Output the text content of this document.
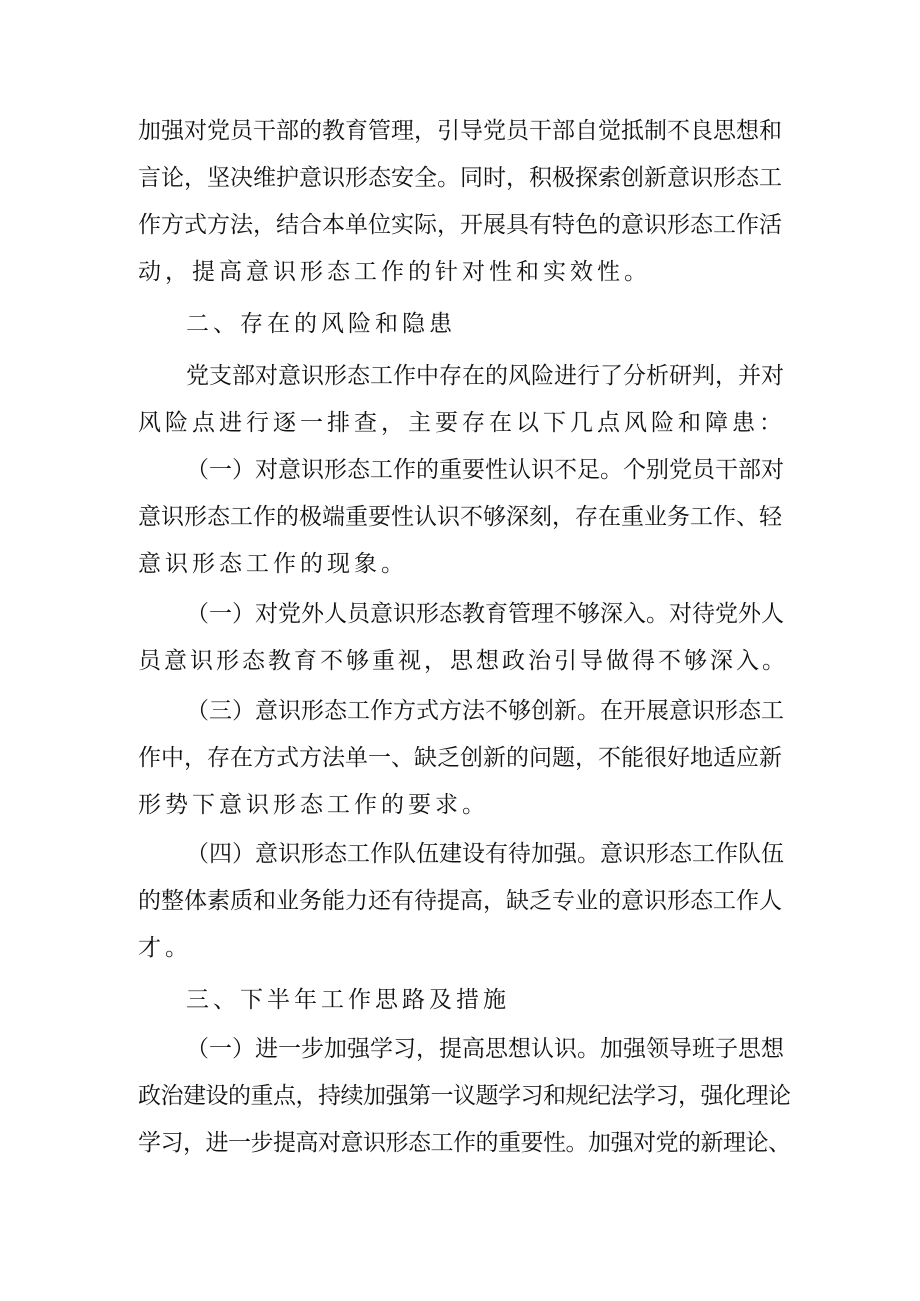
加强对党员干部的教育管理，引导党员干部自觉抵制不良思想和
言论，坚决维护意识形态安全。同时，积极探索创新意识形态工
作方式方法，结合本单位实际，开展具有特色的意识形态工作活
动，提高意识形态工作的针对性和实效性。
二、存在的风险和隐患
党支部对意识形态工作中存在的风险进行了分析研判，并对
风险点进行逐一排查，主要存在以下几点风险和障患：
（一）对意识形态工作的重要性认识不足。个别党员干部对
意识形态工作的极端重要性认识不够深刻，存在重业务工作、轻
意识形态工作的现象。
（一）对党外人员意识形态教育管理不够深入。对待党外人
员意识形态教育不够重视，思想政治引导做得不够深入。
（三）意识形态工作方式方法不够创新。在开展意识形态工
作中，存在方式方法单一、缺乏创新的问题，不能很好地适应新
形势下意识形态工作的要求。
（四）意识形态工作队伍建设有待加强。意识形态工作队伍
的整体素质和业务能力还有待提高，缺乏专业的意识形态工作人
才。
三、下半年工作思路及措施
（一）进一步加强学习，提高思想认识。加强领导班子思想
政治建设的重点，持续加强第一议题学习和规纪法学习，强化理论
学习，进一步提高对意识形态工作的重要性。加强对党的新理论、
